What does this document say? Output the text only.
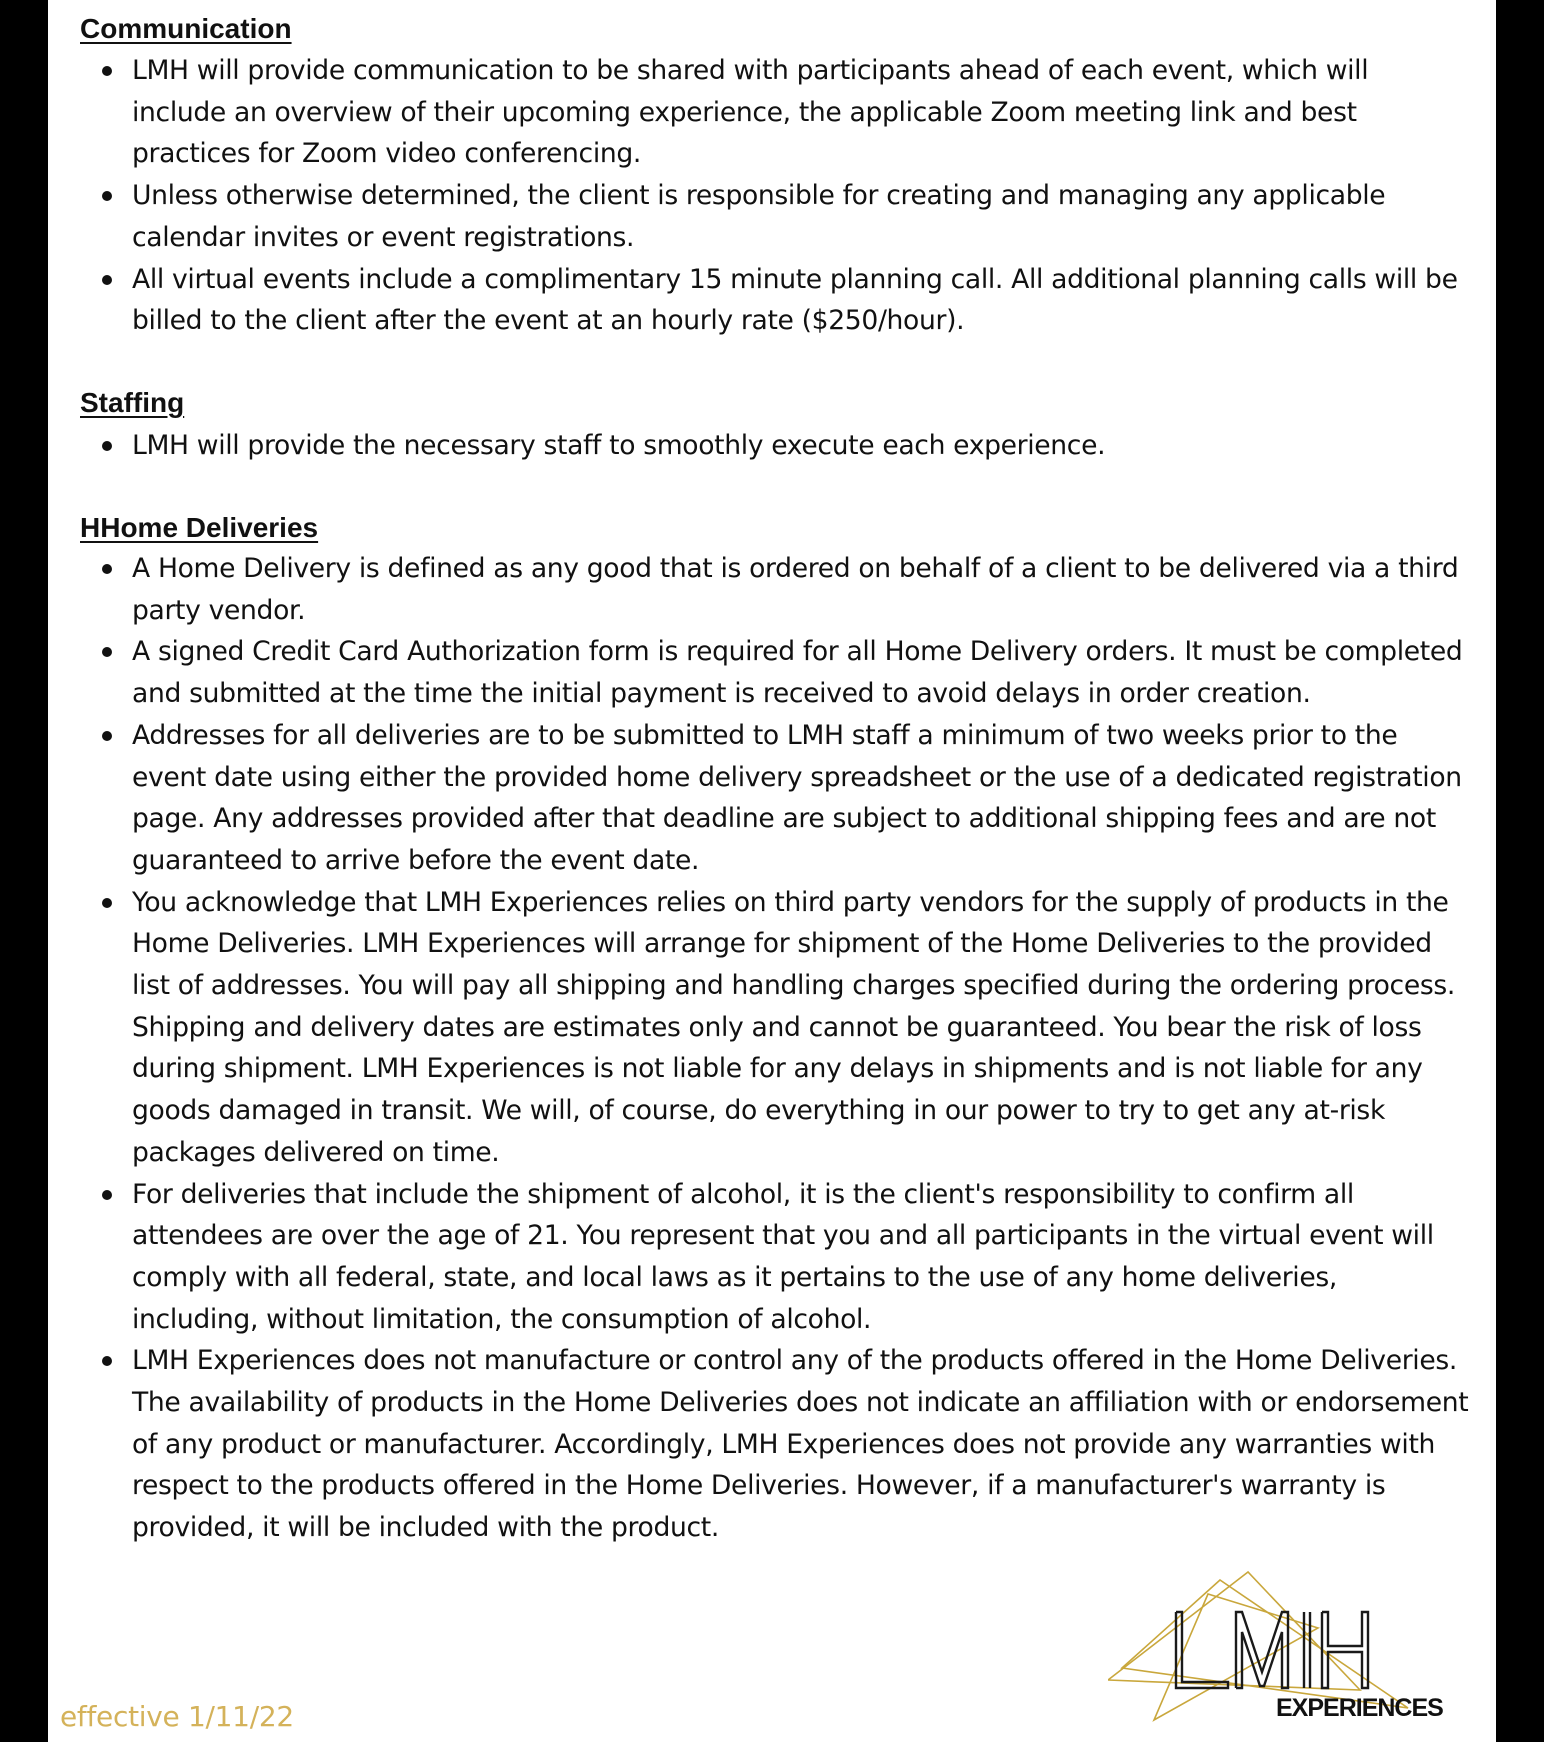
Communication
LMH will provide communication to be shared with participants ahead of each event, which will include an overview of their upcoming experience, the applicable Zoom meeting link and best practices for Zoom video conferencing.
Unless otherwise determined, the client is responsible for creating and managing any applicable calendar invites or event registrations.
All virtual events include a complimentary 15 minute planning call. All additional planning calls will be billed to the client after the event at an hourly rate ($250/hour).
Staffing
LMH will provide the necessary staff to smoothly execute each experience.
HHome Deliveries
A Home Delivery is defined as any good that is ordered on behalf of a client to be delivered via a third party vendor.
A signed Credit Card Authorization form is required for all Home Delivery orders. It must be completed and submitted at the time the initial payment is received to avoid delays in order creation.
Addresses for all deliveries are to be submitted to LMH staff a minimum of two weeks prior to the event date using either the provided home delivery spreadsheet or the use of a dedicated registration page. Any addresses provided after that deadline are subject to additional shipping fees and are not guaranteed to arrive before the event date.
You acknowledge that LMH Experiences relies on third party vendors for the supply of products in the Home Deliveries. LMH Experiences will arrange for shipment of the Home Deliveries to the provided list of addresses. You will pay all shipping and handling charges specified during the ordering process. Shipping and delivery dates are estimates only and cannot be guaranteed. You bear the risk of loss during shipment. LMH Experiences is not liable for any delays in shipments and is not liable for any goods damaged in transit. We will, of course, do everything in our power to try to get any at-risk packages delivered on time.
For deliveries that include the shipment of alcohol, it is the client's responsibility to confirm all attendees are over the age of 21. You represent that you and all participants in the virtual event will comply with all federal, state, and local laws as it pertains to the use of any home deliveries, including, without limitation, the consumption of alcohol.
LMH Experiences does not manufacture or control any of the products offered in the Home Deliveries. The availability of products in the Home Deliveries does not indicate an affiliation with or endorsement of any product or manufacturer. Accordingly, LMH Experiences does not provide any warranties with respect to the products offered in the Home Deliveries. However, if a manufacturer's warranty is provided, it will be included with the product.
effective 1/11/22	EXPERIENCES
